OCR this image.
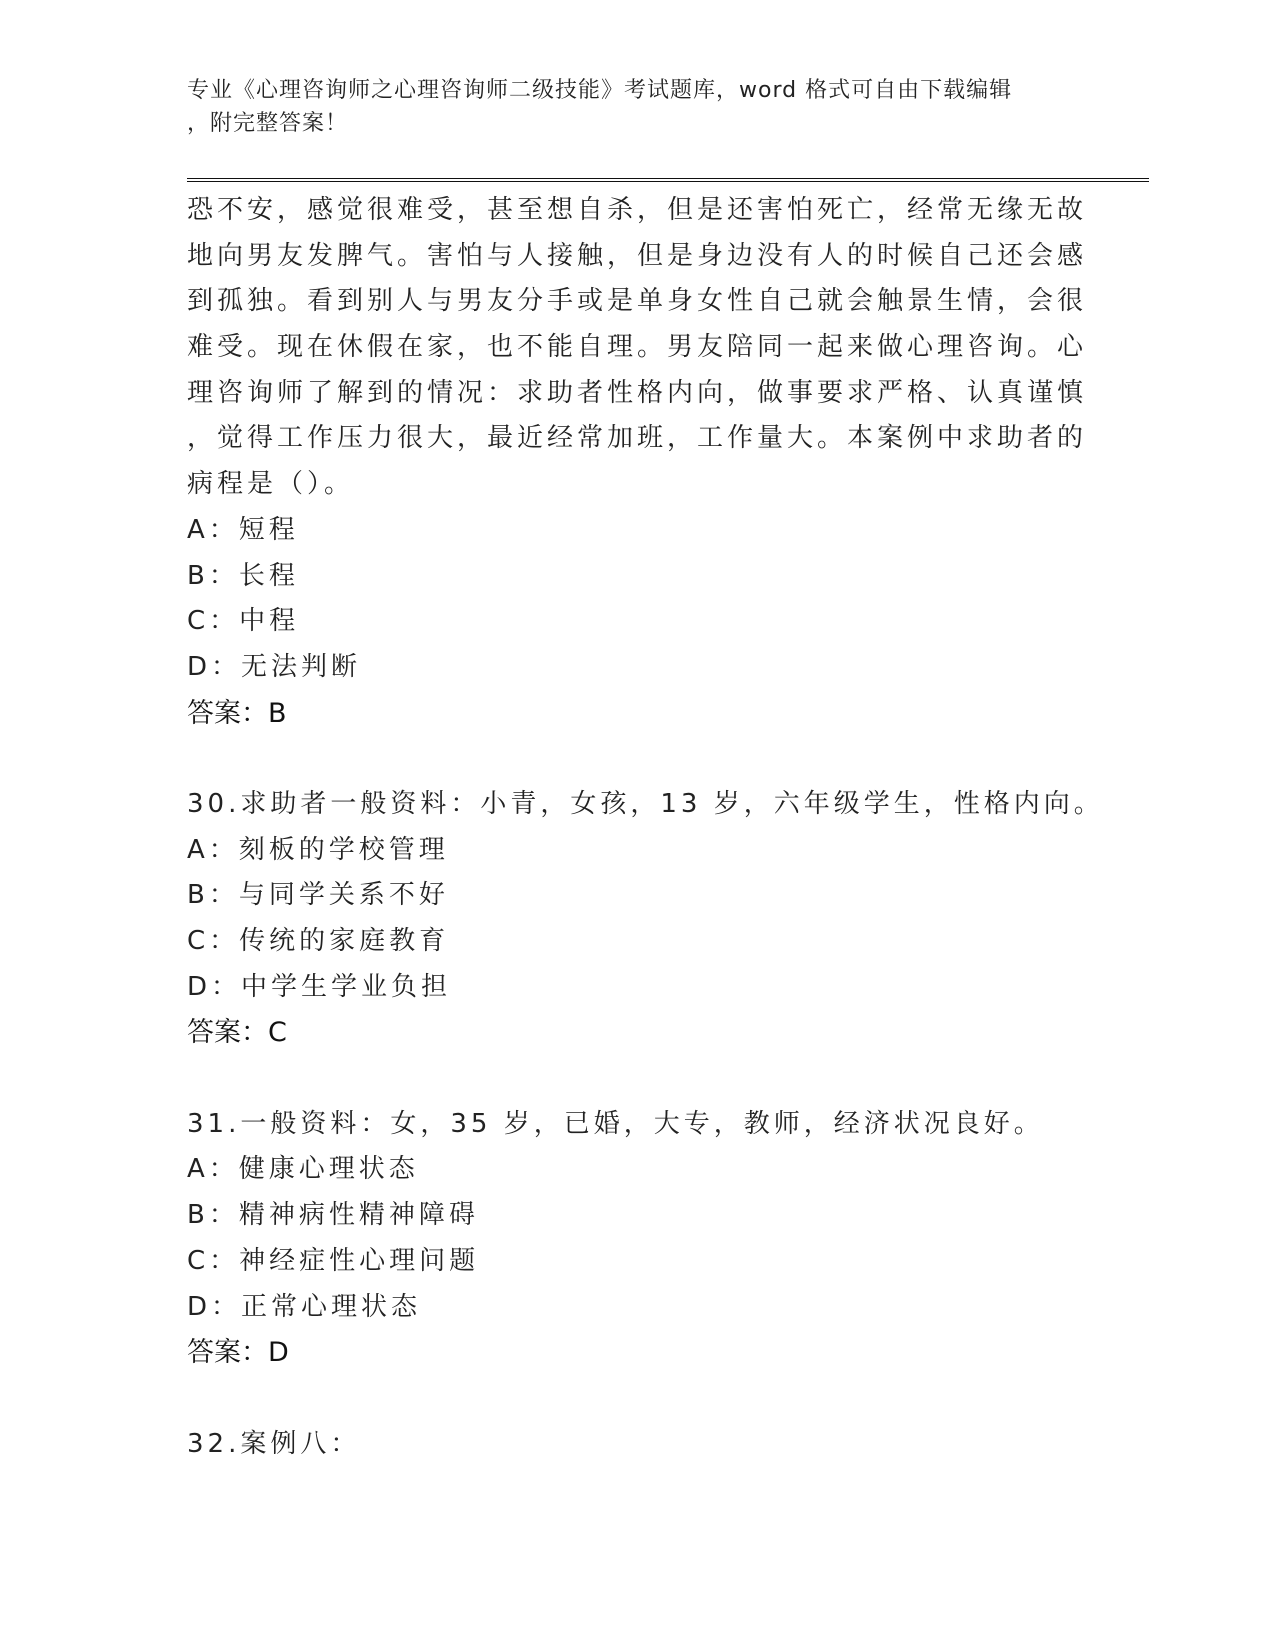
专业《心理咨询师之心理咨询师二级技能》考试题库，word 格式可自由下载编辑
，附完整答案！
恐不安，感觉很难受，甚至想自杀，但是还害怕死亡，经常无缘无故
地向男友发脾气。害怕与人接触，但是身边没有人的时候自己还会感
到孤独。看到别人与男友分手或是单身女性自己就会触景生情，会很
难受。现在休假在家，也不能自理。男友陪同一起来做心理咨询。心
理咨询师了解到的情况：求助者性格内向，做事要求严格、认真谨慎
，觉得工作压力很大，最近经常加班，工作量大。本案例中求助者的
病程是（）。
A：短程
B：长程
C：中程
D：无法判断
答案：B
30.求助者一般资料：小青，女孩，13 岁，六年级学生，性格内向。
A：刻板的学校管理
B：与同学关系不好
C：传统的家庭教育
D：中学生学业负担
答案：C
31.一般资料：女，35 岁，已婚，大专，教师，经济状况良好。
A：健康心理状态
B：精神病性精神障碍
C：神经症性心理问题
D：正常心理状态
答案：D
32.案例八：
